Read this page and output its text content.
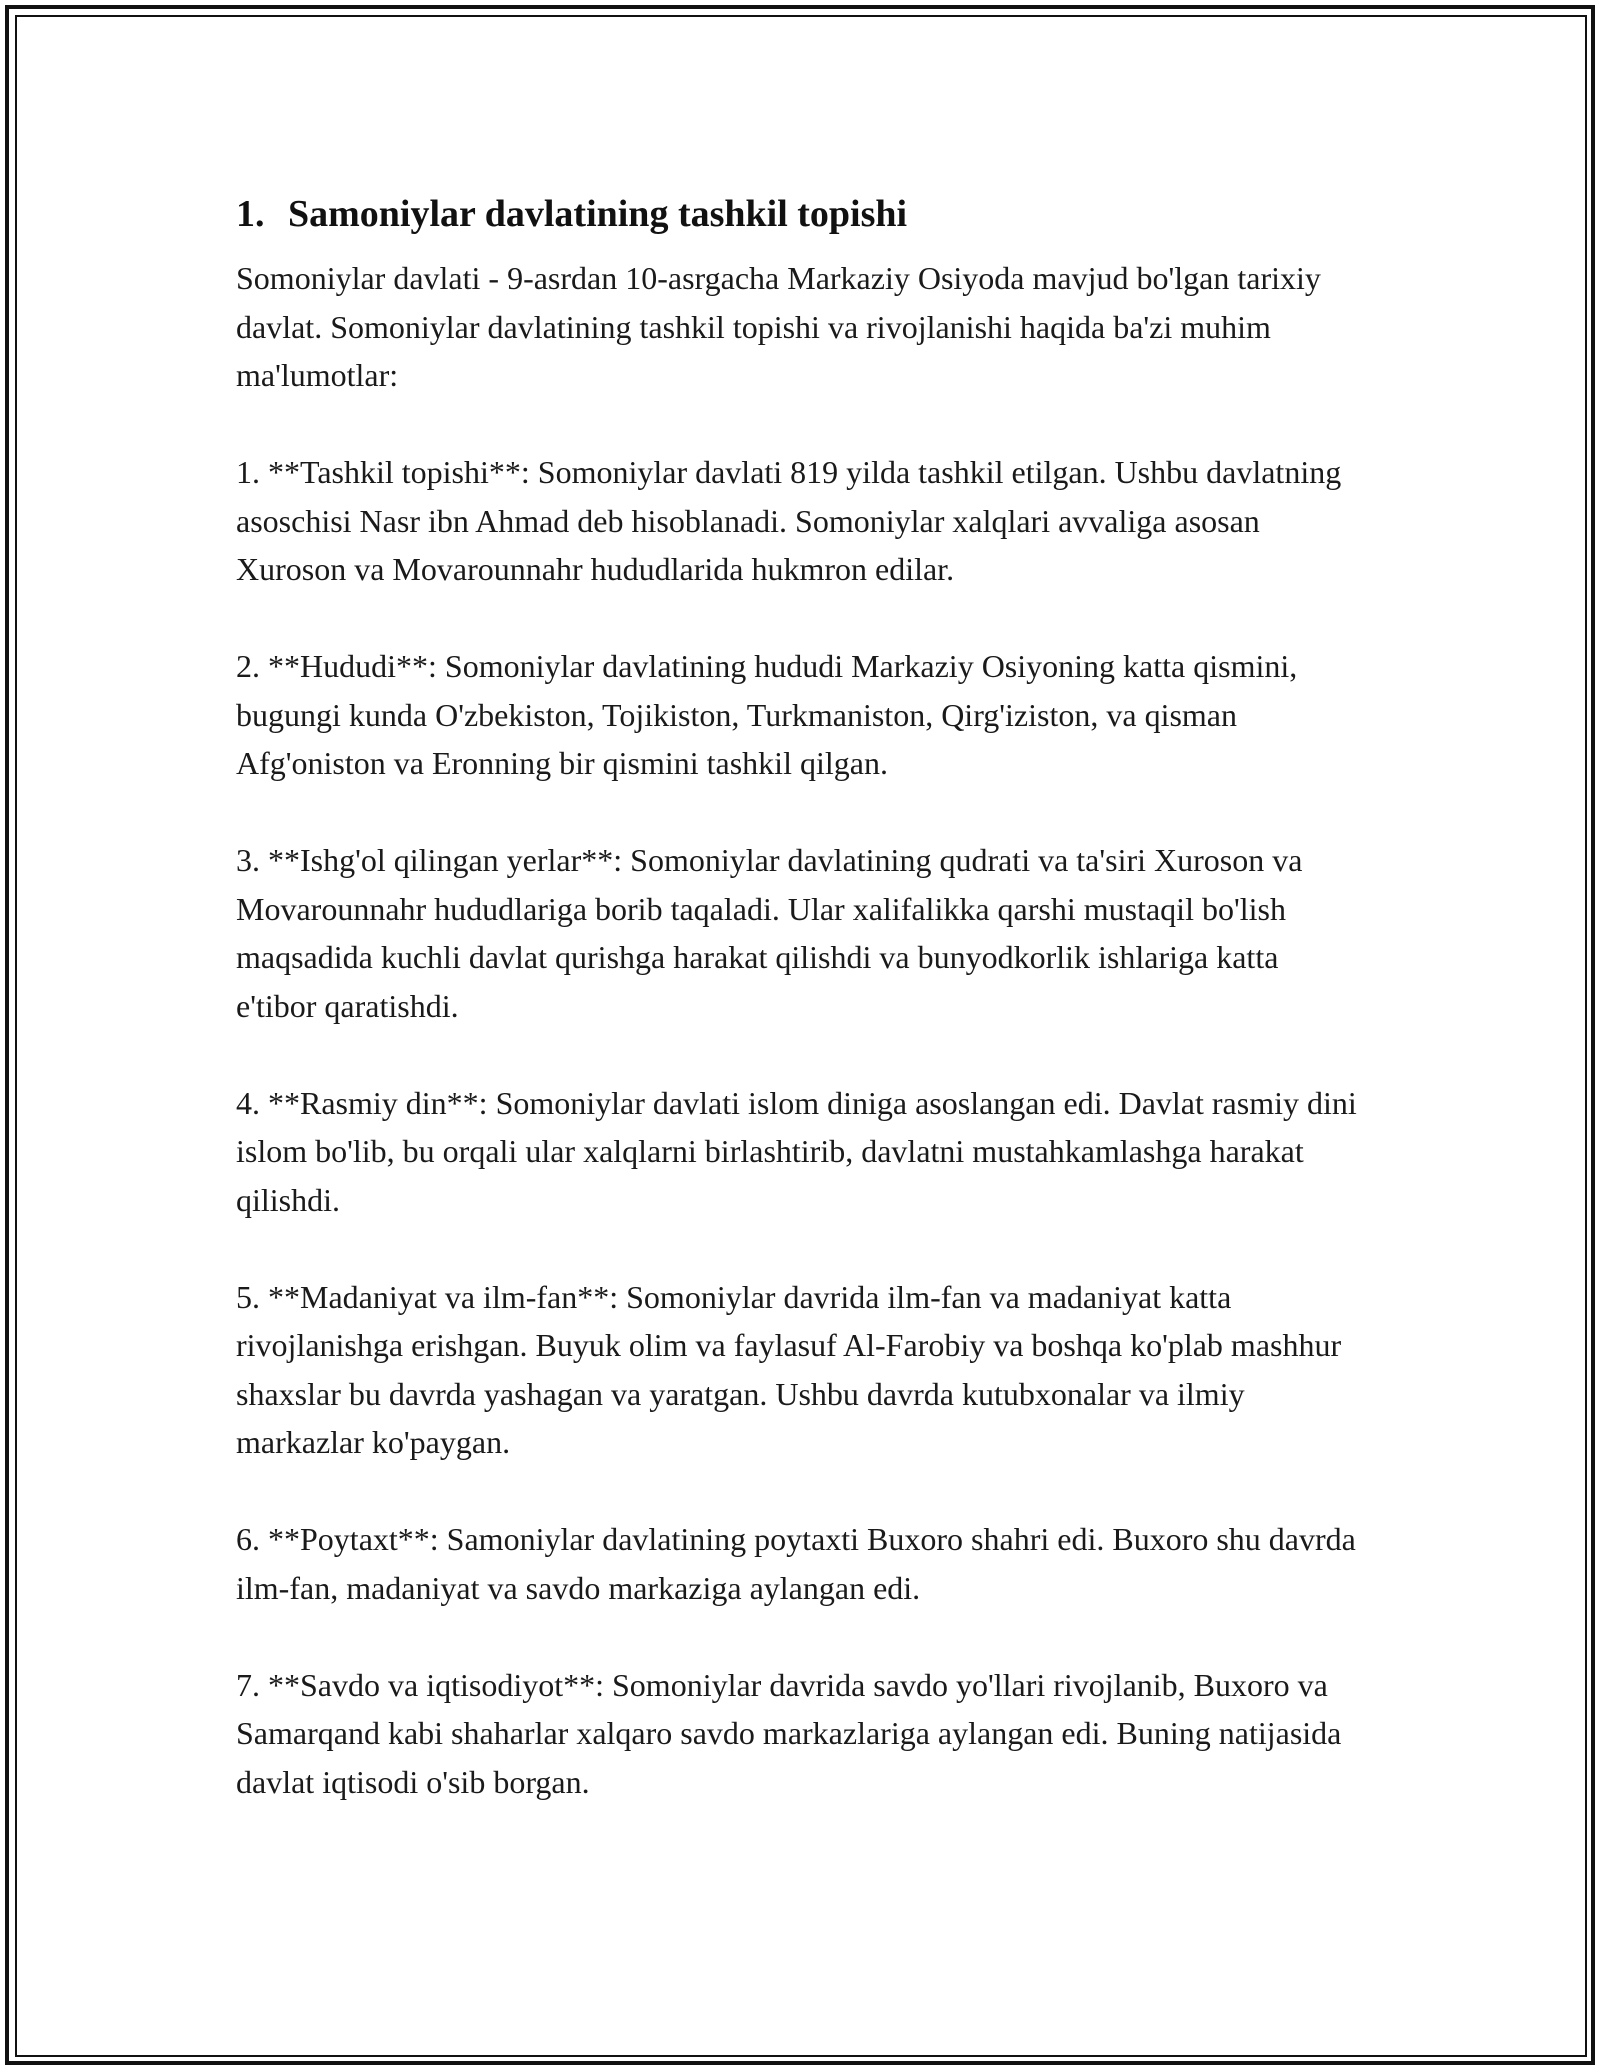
1. Samoniylar davlatining tashkil topishi

Somoniylar davlati - 9-asrdan 10-asrgacha Markaziy Osiyoda mavjud bo'lgan tarixiy davlat. Somoniylar davlatining tashkil topishi va rivojlanishi haqida ba'zi muhim ma'lumotlar:

1. **Tashkil topishi**: Somoniylar davlati 819 yilda tashkil etilgan. Ushbu davlatning asoschisi Nasr ibn Ahmad deb hisoblanadi. Somoniylar xalqlari avvaliga asosan Xuroson va Movarounnahr hududlarida hukmron edilar.

2. **Hududi**: Somoniylar davlatining hududi Markaziy Osiyoning katta qismini, bugungi kunda O'zbekiston, Tojikiston, Turkmaniston, Qirg'iziston, va qisman Afg'oniston va Eronning bir qismini tashkil qilgan.

3. **Ishg'ol qilingan yerlar**: Somoniylar davlatining qudrati va ta'siri Xuroson va Movarounnahr hududlariga borib taqaladi. Ular xalifalikka qarshi mustaqil bo'lish maqsadida kuchli davlat qurishga harakat qilishdi va bunyodkorlik ishlariga katta e'tibor qaratishdi.

4. **Rasmiy din**: Somoniylar davlati islom diniga asoslangan edi. Davlat rasmiy dini islom bo'lib, bu orqali ular xalqlarni birlashtirib, davlatni mustahkamlashga harakat qilishdi.

5. **Madaniyat va ilm-fan**: Somoniylar davrida ilm-fan va madaniyat katta rivojlanishga erishgan. Buyuk olim va faylasuf Al-Farobiy va boshqa ko'plab mashhur shaxslar bu davrda yashagan va yaratgan. Ushbu davrda kutubxonalar va ilmiy markazlar ko'paygan.

6. **Poytaxt**: Samoniylar davlatining poytaxti Buxoro shahri edi. Buxoro shu davrda ilm-fan, madaniyat va savdo markaziga aylangan edi.

7. **Savdo va iqtisodiyot**: Somoniylar davrida savdo yo'llari rivojlanib, Buxoro va Samarqand kabi shaharlar xalqaro savdo markazlariga aylangan edi. Buning natijasida davlat iqtisodi o'sib borgan.
